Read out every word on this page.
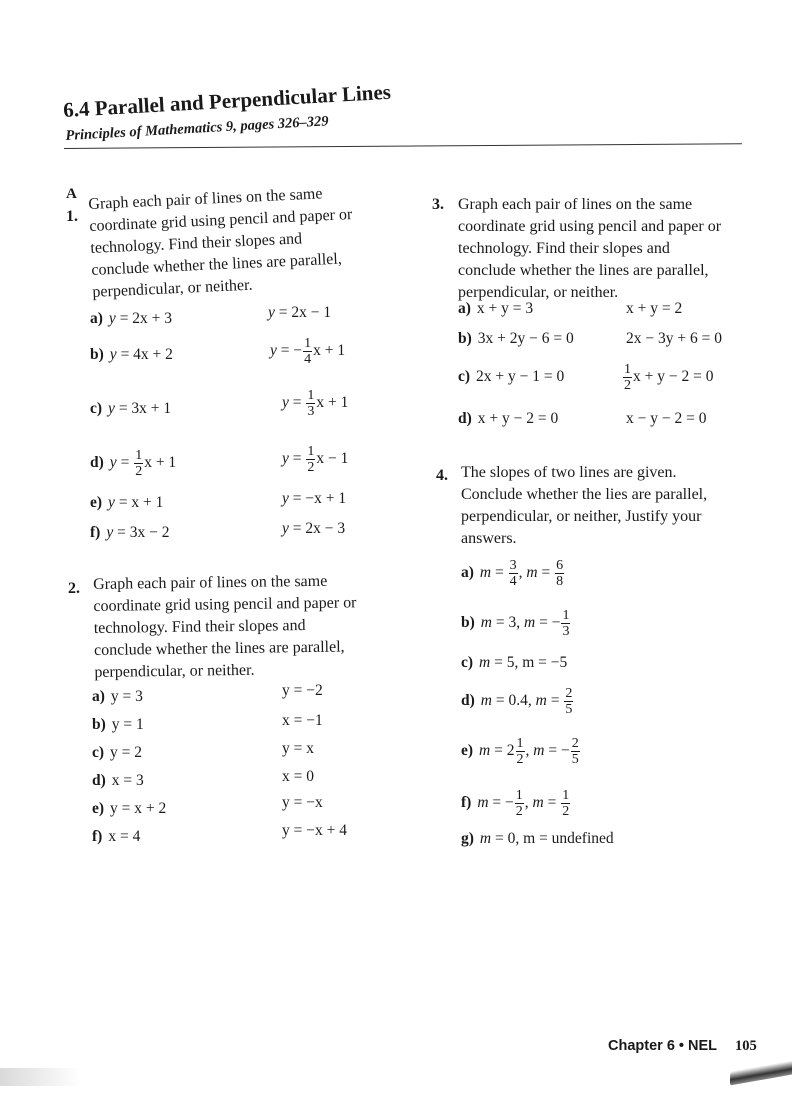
6.4 Parallel and Perpendicular Lines
Principles of Mathematics 9, pages 326–329
A
1.
Graph each pair of lines on the same
coordinate grid using pencil and paper or
technology. Find their slopes and
conclude whether the lines are parallel,
perpendicular, or neither.
a) y = 2x + 3	y = 2x − 1
b) y = 4x + 2	y = − $\frac{1}{4}$ x + 1
c) y = 3x + 1	$y = \frac{1}{3}$ x + 1
d) $y = \frac{1}{2}$ x + 1	$y = \frac{1}{2}$ x − 1
e) y = x + 1	y = −x + 1
f) y = 3x − 2	y = 2x − 3
2. Graph each pair of lines on the same
coordinate grid using pencil and paper or
technology. Find their slopes and
conclude whether the lines are parallel,
perpendicular, or neither.
a) y = 3	y = −2
b) y = 1	x = −1
c) y = 2	y = x
d) x = 3	x = 0
e) y = x + 2	y = −x
f) x = 4	y = −x + 4
3. Graph each pair of lines on the same
coordinate grid using pencil and paper or
technology. Find their slopes and
conclude whether the lines are parallel,
perpendicular, or neither.
a) x + y = 3	x + y = 2
b) 3x + 2y − 6 = 0	2x − 3y + 6 = 0
c) 2x + y − 1 = 0	$\frac{1}{2}$ x + y − 2 = 0
d) x + y − 2 = 0	x − y − 2 = 0
4. The slopes of two lines are given.
Conclude whether the lies are parallel,
perpendicular, or neither, Justify your
answers.
a) $m = \frac{3}{4}$ , $m = \frac{6}{8}$
b) m = 3, m = − $\frac{1}{3}$
c) m = 5, m = −5
d) m = 0.4, $m = \frac{2}{5}$
e) $m = 2 \frac{1}{2}$ , m = − $\frac{2}{5}$
f) m = − $\frac{1}{2}$ , $m = \frac{1}{2}$
g) m = 0, m = undefined
Chapter 6 • NEL 105
